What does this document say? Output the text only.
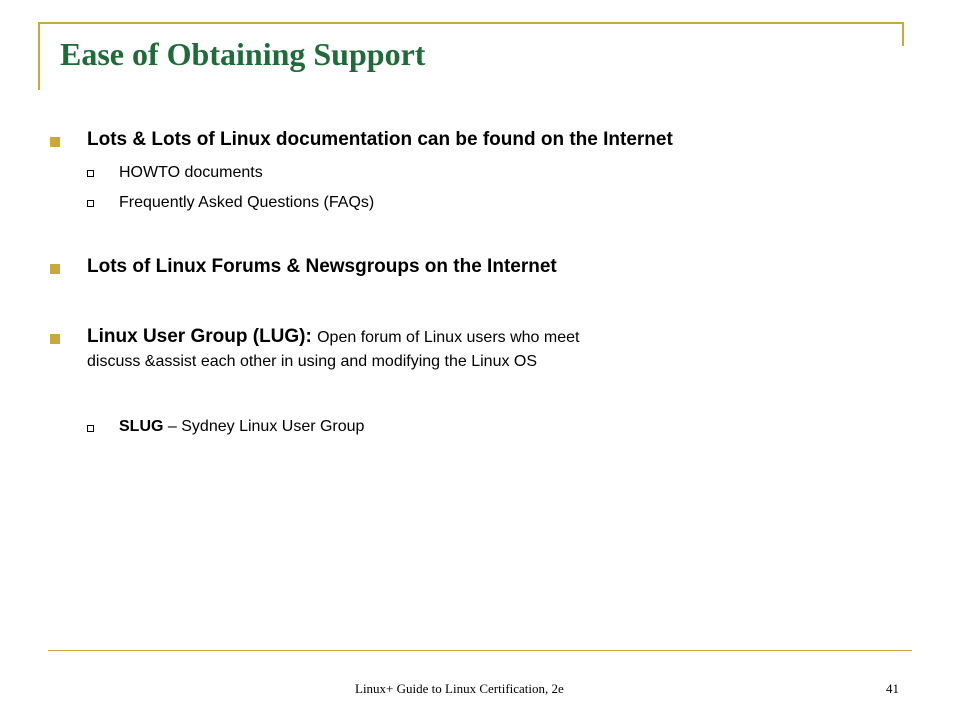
Ease of Obtaining Support
Lots & Lots of Linux documentation can be found on the Internet
HOWTO documents
Frequently Asked Questions (FAQs)
Lots of Linux Forums & Newsgroups on the Internet
Linux User Group (LUG): Open forum of Linux users who meet
discuss &assist each other in using and modifying the Linux OS
SLUG – Sydney Linux User Group
Linux+ Guide to Linux Certification, 2e	41
